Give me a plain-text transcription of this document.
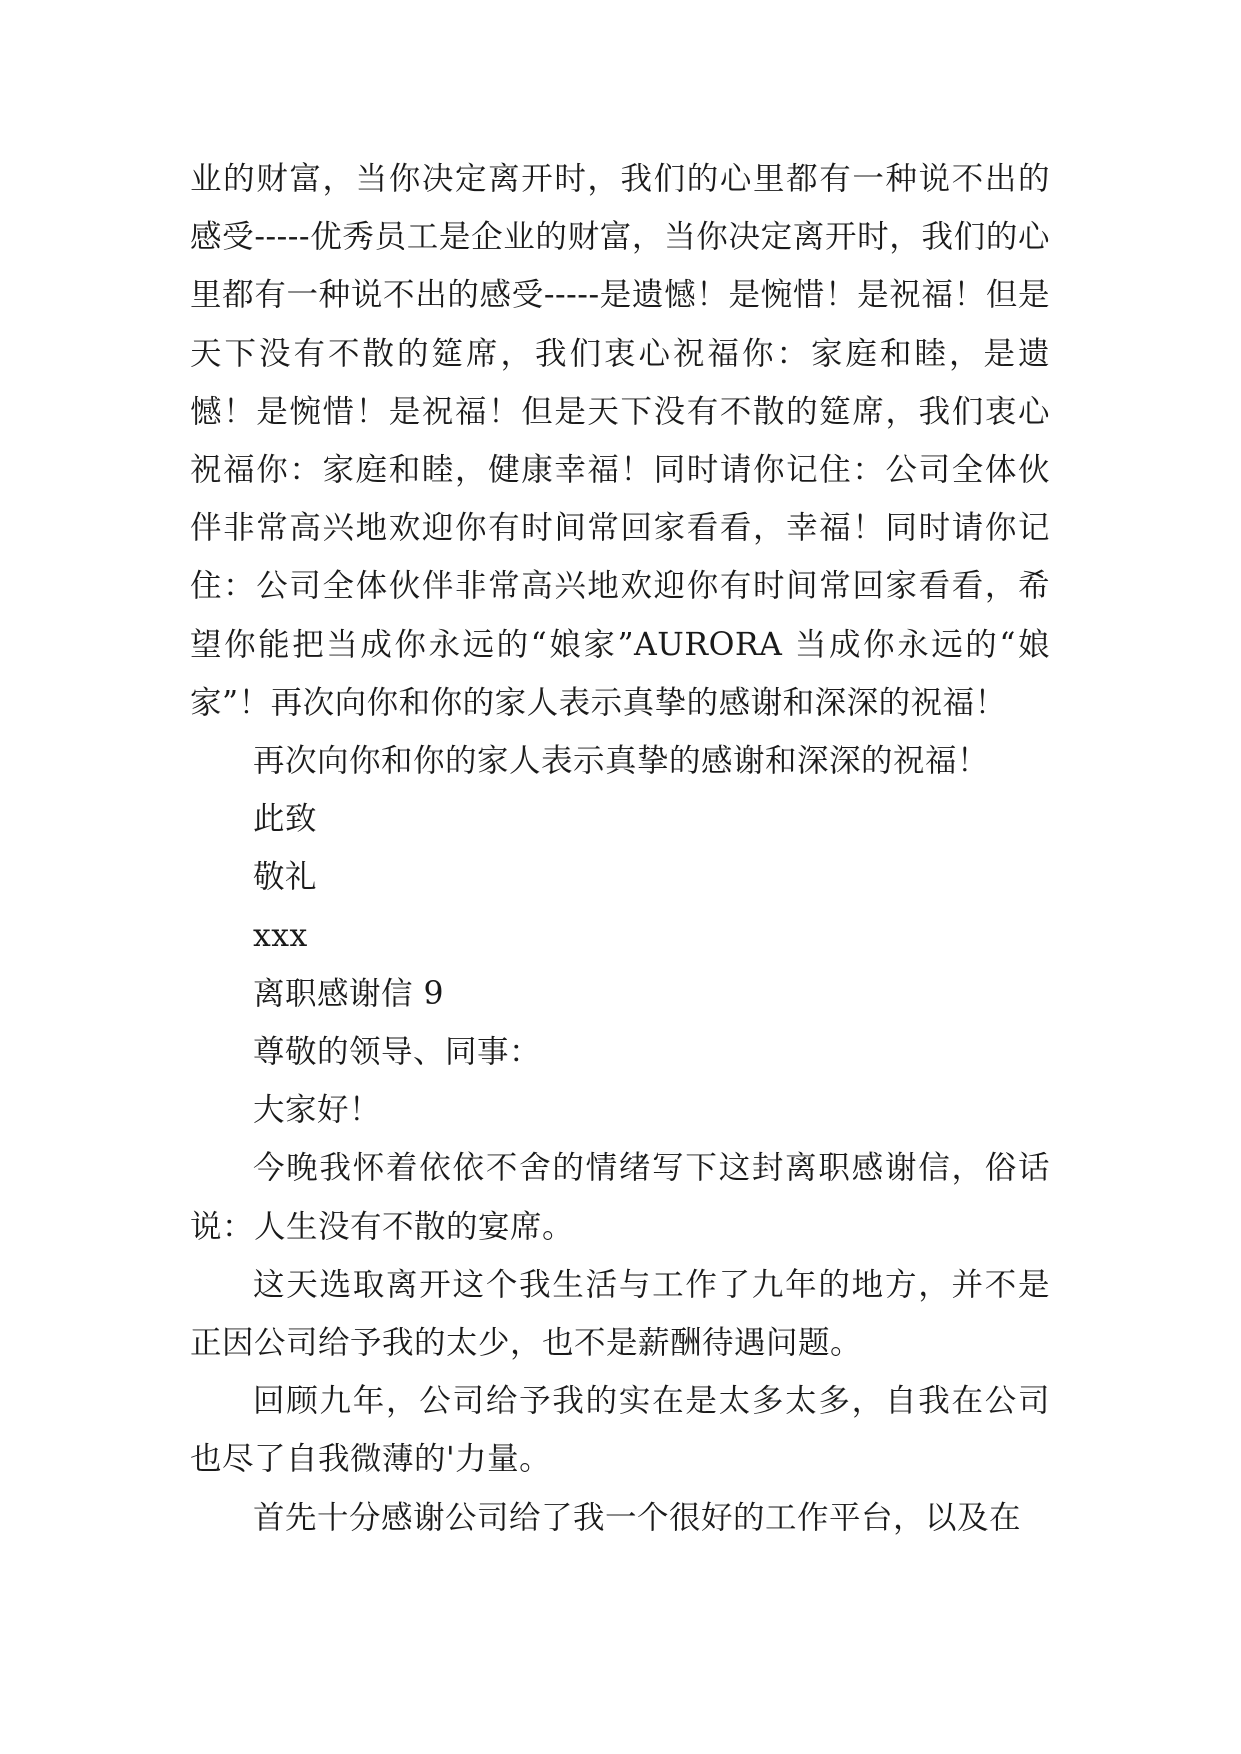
业的财富，当你决定离开时，我们的心里都有一种说不出的感受-----优秀员工是企业的财富，当你决定离开时，我们的心里都有一种说不出的感受-----是遗憾！是惋惜！是祝福！但是天下没有不散的筵席，我们衷心祝福你：家庭和睦，是遗憾！是惋惜！是祝福！但是天下没有不散的筵席，我们衷心祝福你：家庭和睦，健康幸福！同时请你记住：公司全体伙伴非常高兴地欢迎你有时间常回家看看，幸福！同时请你记住：公司全体伙伴非常高兴地欢迎你有时间常回家看看，希望你能把当成你永远的“娘家”AURORA 当成你永远的“娘家”！再次向你和你的家人表示真挚的感谢和深深的祝福！

再次向你和你的家人表示真挚的感谢和深深的祝福！

此致

敬礼

xxx

离职感谢信 9

尊敬的领导、同事：

大家好！

今晚我怀着依依不舍的情绪写下这封离职感谢信，俗话说：人生没有不散的宴席。

这天选取离开这个我生活与工作了九年的地方，并不是正因公司给予我的太少，也不是薪酬待遇问题。

回顾九年，公司给予我的实在是太多太多，自我在公司也尽了自我微薄的'力量。

首先十分感谢公司给了我一个很好的工作平台，以及在
